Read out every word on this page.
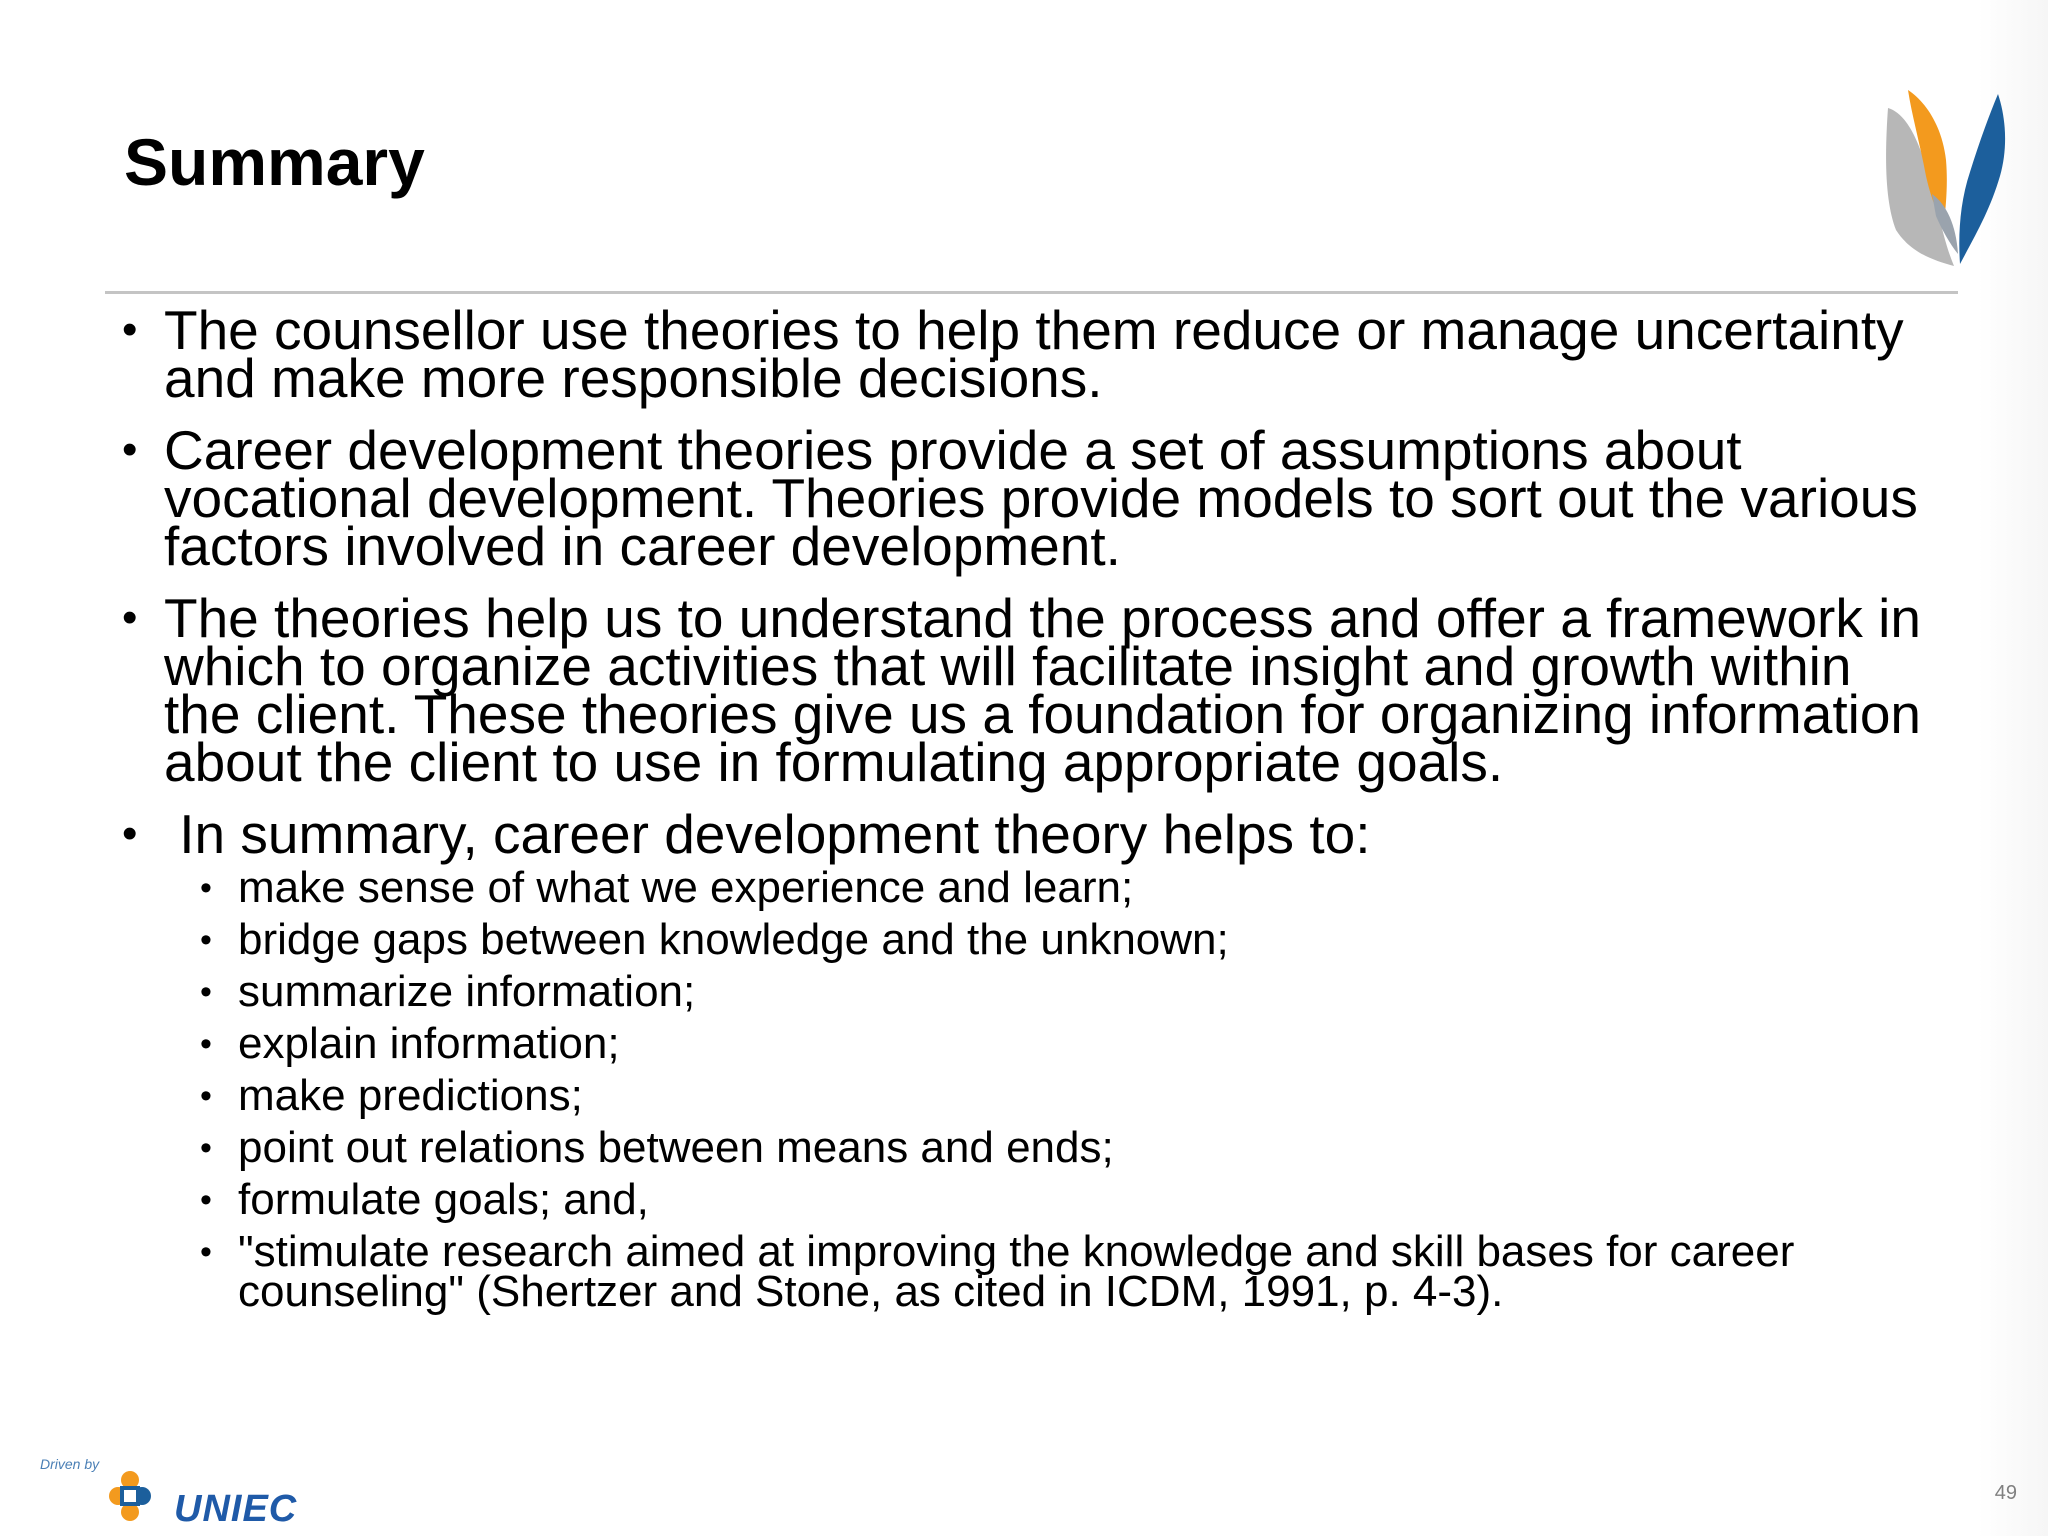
Summary
• The counsellor use theories to help them reduce or manage uncertainty and make more responsible decisions.
• Career development theories provide a set of assumptions about vocational development. Theories provide models to sort out the various factors involved in career development.
• The theories help us to understand the process and offer a framework in which to organize activities that will facilitate insight and growth within the client. These theories give us a foundation for organizing information about the client to use in formulating appropriate goals.
•  In summary, career development theory helps to:
• make sense of what we experience and learn;
• bridge gaps between knowledge and the unknown;
• summarize information;
• explain information;
• make predictions;
• point out relations between means and ends;
• formulate goals; and,
• "stimulate research aimed at improving the knowledge and skill bases for career counseling" (Shertzer and Stone, as cited in ICDM, 1991, p. 4-3).
Driven by
UNIEC	49
